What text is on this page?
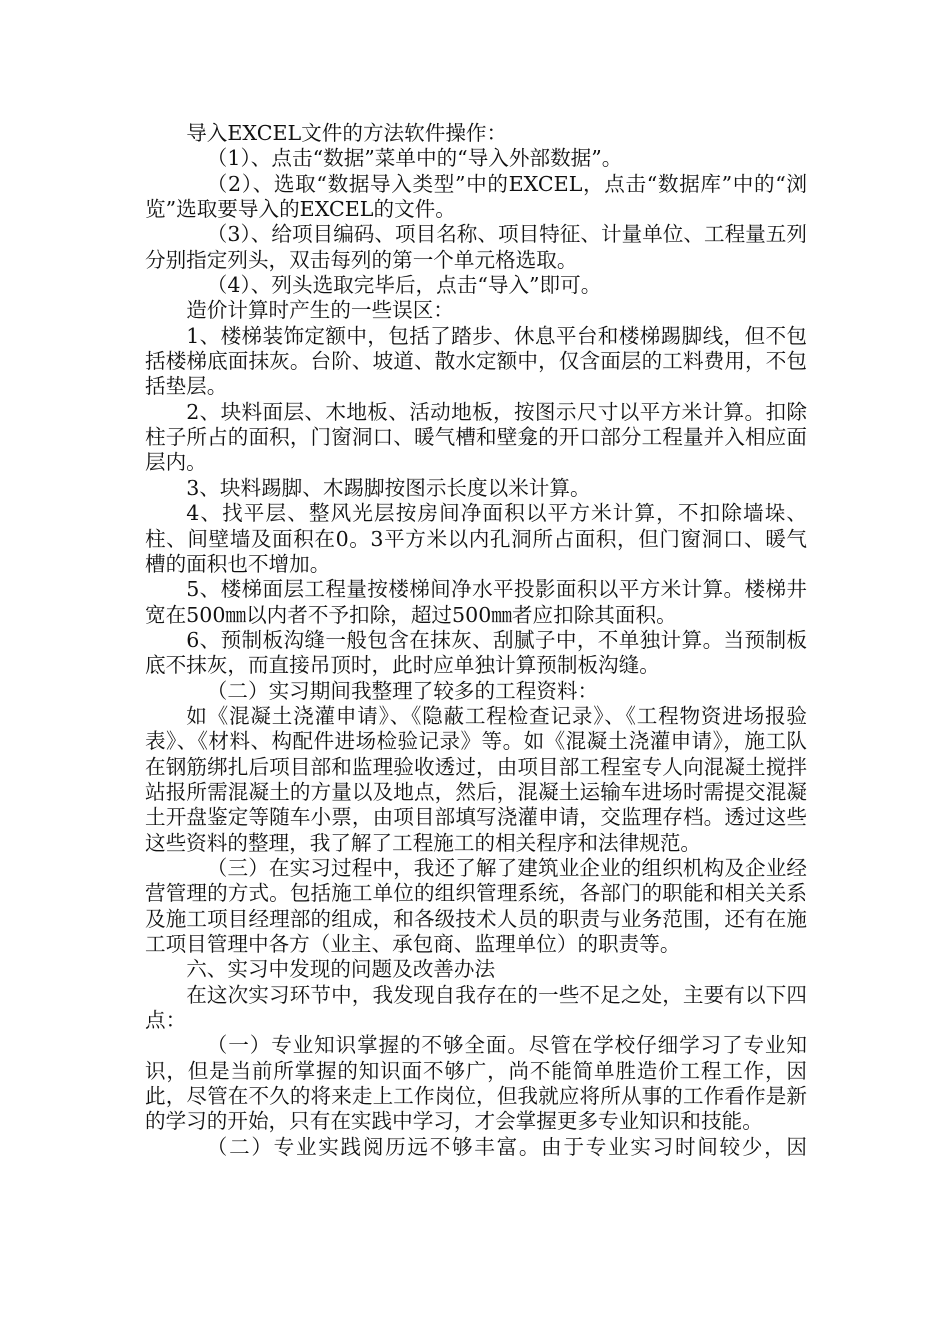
导入EXCEL文件的方法软件操作：

（1）、点击“数据”菜单中的“导入外部数据”。

（2）、选取“数据导入类型”中的EXCEL，点击“数据库”中的“浏览”选取要导入的EXCEL的文件。

（3）、给项目编码、项目名称、项目特征、计量单位、工程量五列分别指定列头，双击每列的第一个单元格选取。

（4）、列头选取完毕后，点击“导入”即可。

造价计算时产生的一些误区：

1、楼梯装饰定额中，包括了踏步、休息平台和楼梯踢脚线，但不包括楼梯底面抹灰。台阶、坡道、散水定额中，仅含面层的工料费用，不包括垫层。

2、块料面层、木地板、活动地板，按图示尺寸以平方米计算。扣除柱子所占的面积，门窗洞口、暖气槽和壁龛的开口部分工程量并入相应面层内。

3、块料踢脚、木踢脚按图示长度以米计算。

4、找平层、整风光层按房间净面积以平方米计算，不扣除墙垛、柱、间壁墙及面积在0。3平方米以内孔洞所占面积，但门窗洞口、暖气槽的面积也不增加。

5、楼梯面层工程量按楼梯间净水平投影面积以平方米计算。楼梯井宽在500㎜以内者不予扣除，超过500㎜者应扣除其面积。

6、预制板沟缝一般包含在抹灰、刮腻子中，不单独计算。当预制板底不抹灰，而直接吊顶时，此时应单独计算预制板沟缝。

（二）实习期间我整理了较多的工程资料：

如《混凝土浇灌申请》、《隐蔽工程检查记录》、《工程物资进场报验表》、《材料、构配件进场检验记录》等。如《混凝土浇灌申请》，施工队在钢筋绑扎后项目部和监理验收透过，由项目部工程室专人向混凝土搅拌站报所需混凝土的方量以及地点，然后，混凝土运输车进场时需提交混凝土开盘鉴定等随车小票，由项目部填写浇灌申请，交监理存档。透过这些这些资料的整理，我了解了工程施工的相关程序和法律规范。

（三）在实习过程中，我还了解了建筑业企业的组织机构及企业经营管理的方式。包括施工单位的组织管理系统，各部门的职能和相关关系及施工项目经理部的组成，和各级技术人员的职责与业务范围，还有在施工项目管理中各方（业主、承包商、监理单位）的职责等。

六、实习中发现的问题及改善办法

在这次实习环节中，我发现自我存在的一些不足之处，主要有以下四点：

（一）专业知识掌握的不够全面。尽管在学校仔细学习了专业知识，但是当前所掌握的知识面不够广，尚不能简单胜造价工程工作，因此，尽管在不久的将来走上工作岗位，但我就应将所从事的工作看作是新的学习的开始，只有在实践中学习，才会掌握更多专业知识和技能。

（二）专业实践阅历远不够丰富。由于专业实习时间较少，因
